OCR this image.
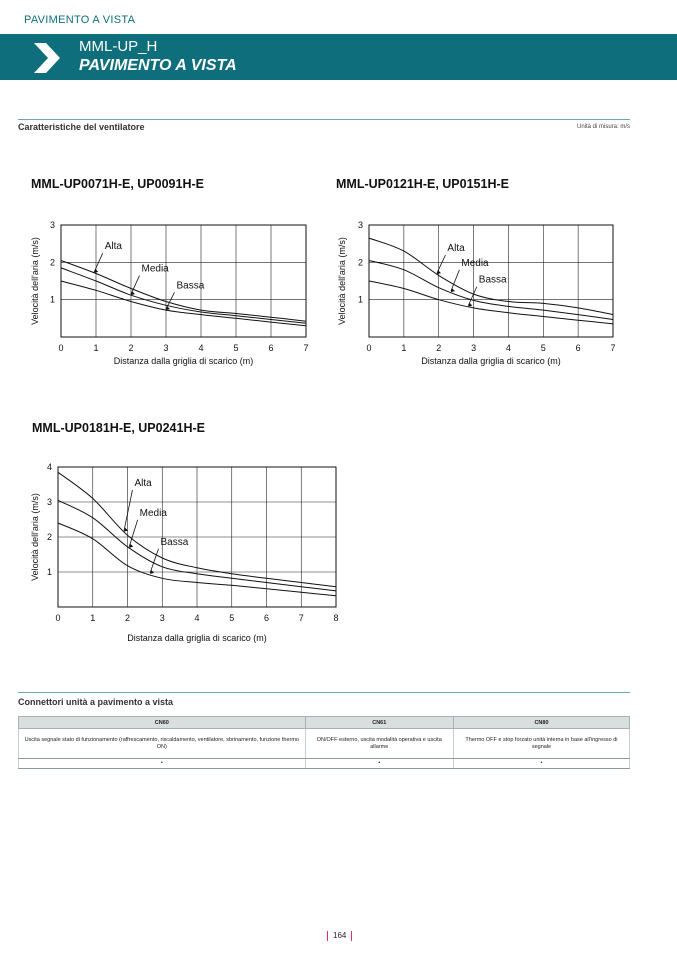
PAVIMENTO A VISTA
MML-UP_H
PAVIMENTO A VISTA
Caratteristiche del ventilatore	Unità di misura: m/s
MML-UP0071H-E, UP0091H-E
0	1	2	3	4	5	6	7
1
2
3
Distanza dalla griglia di scarico (m)
Velocità dell'aria (m/s)	Alta
Media
Bassa
MML-UP0121H-E, UP0151H-E
0	1	2	3	4	5	6	7
1
2
3
Distanza dalla griglia di scarico (m)
Velocità dell'aria (m/s)	Alta
Media
Bassa
MML-UP0181H-E, UP0241H-E
0	1	2	3	4	5	6	7	8
1
2
3
4
Distanza dalla griglia di scarico (m)
Velocità dell'aria (m/s)
Alta
Media
Bassa
Connettori unità a pavimento a vista
CN60	CN61	CN80
Uscita segnale stato di funzionamento (raffrescamento, riscaldamento, ventilatore, sbrinamento, funzione thermo ON)	ON/OFF esterno, uscita modalità operativa e uscita allarme	Thermo OFF e stop forzato unità interna in base all'ingresso di segnale
•	•	•
164
